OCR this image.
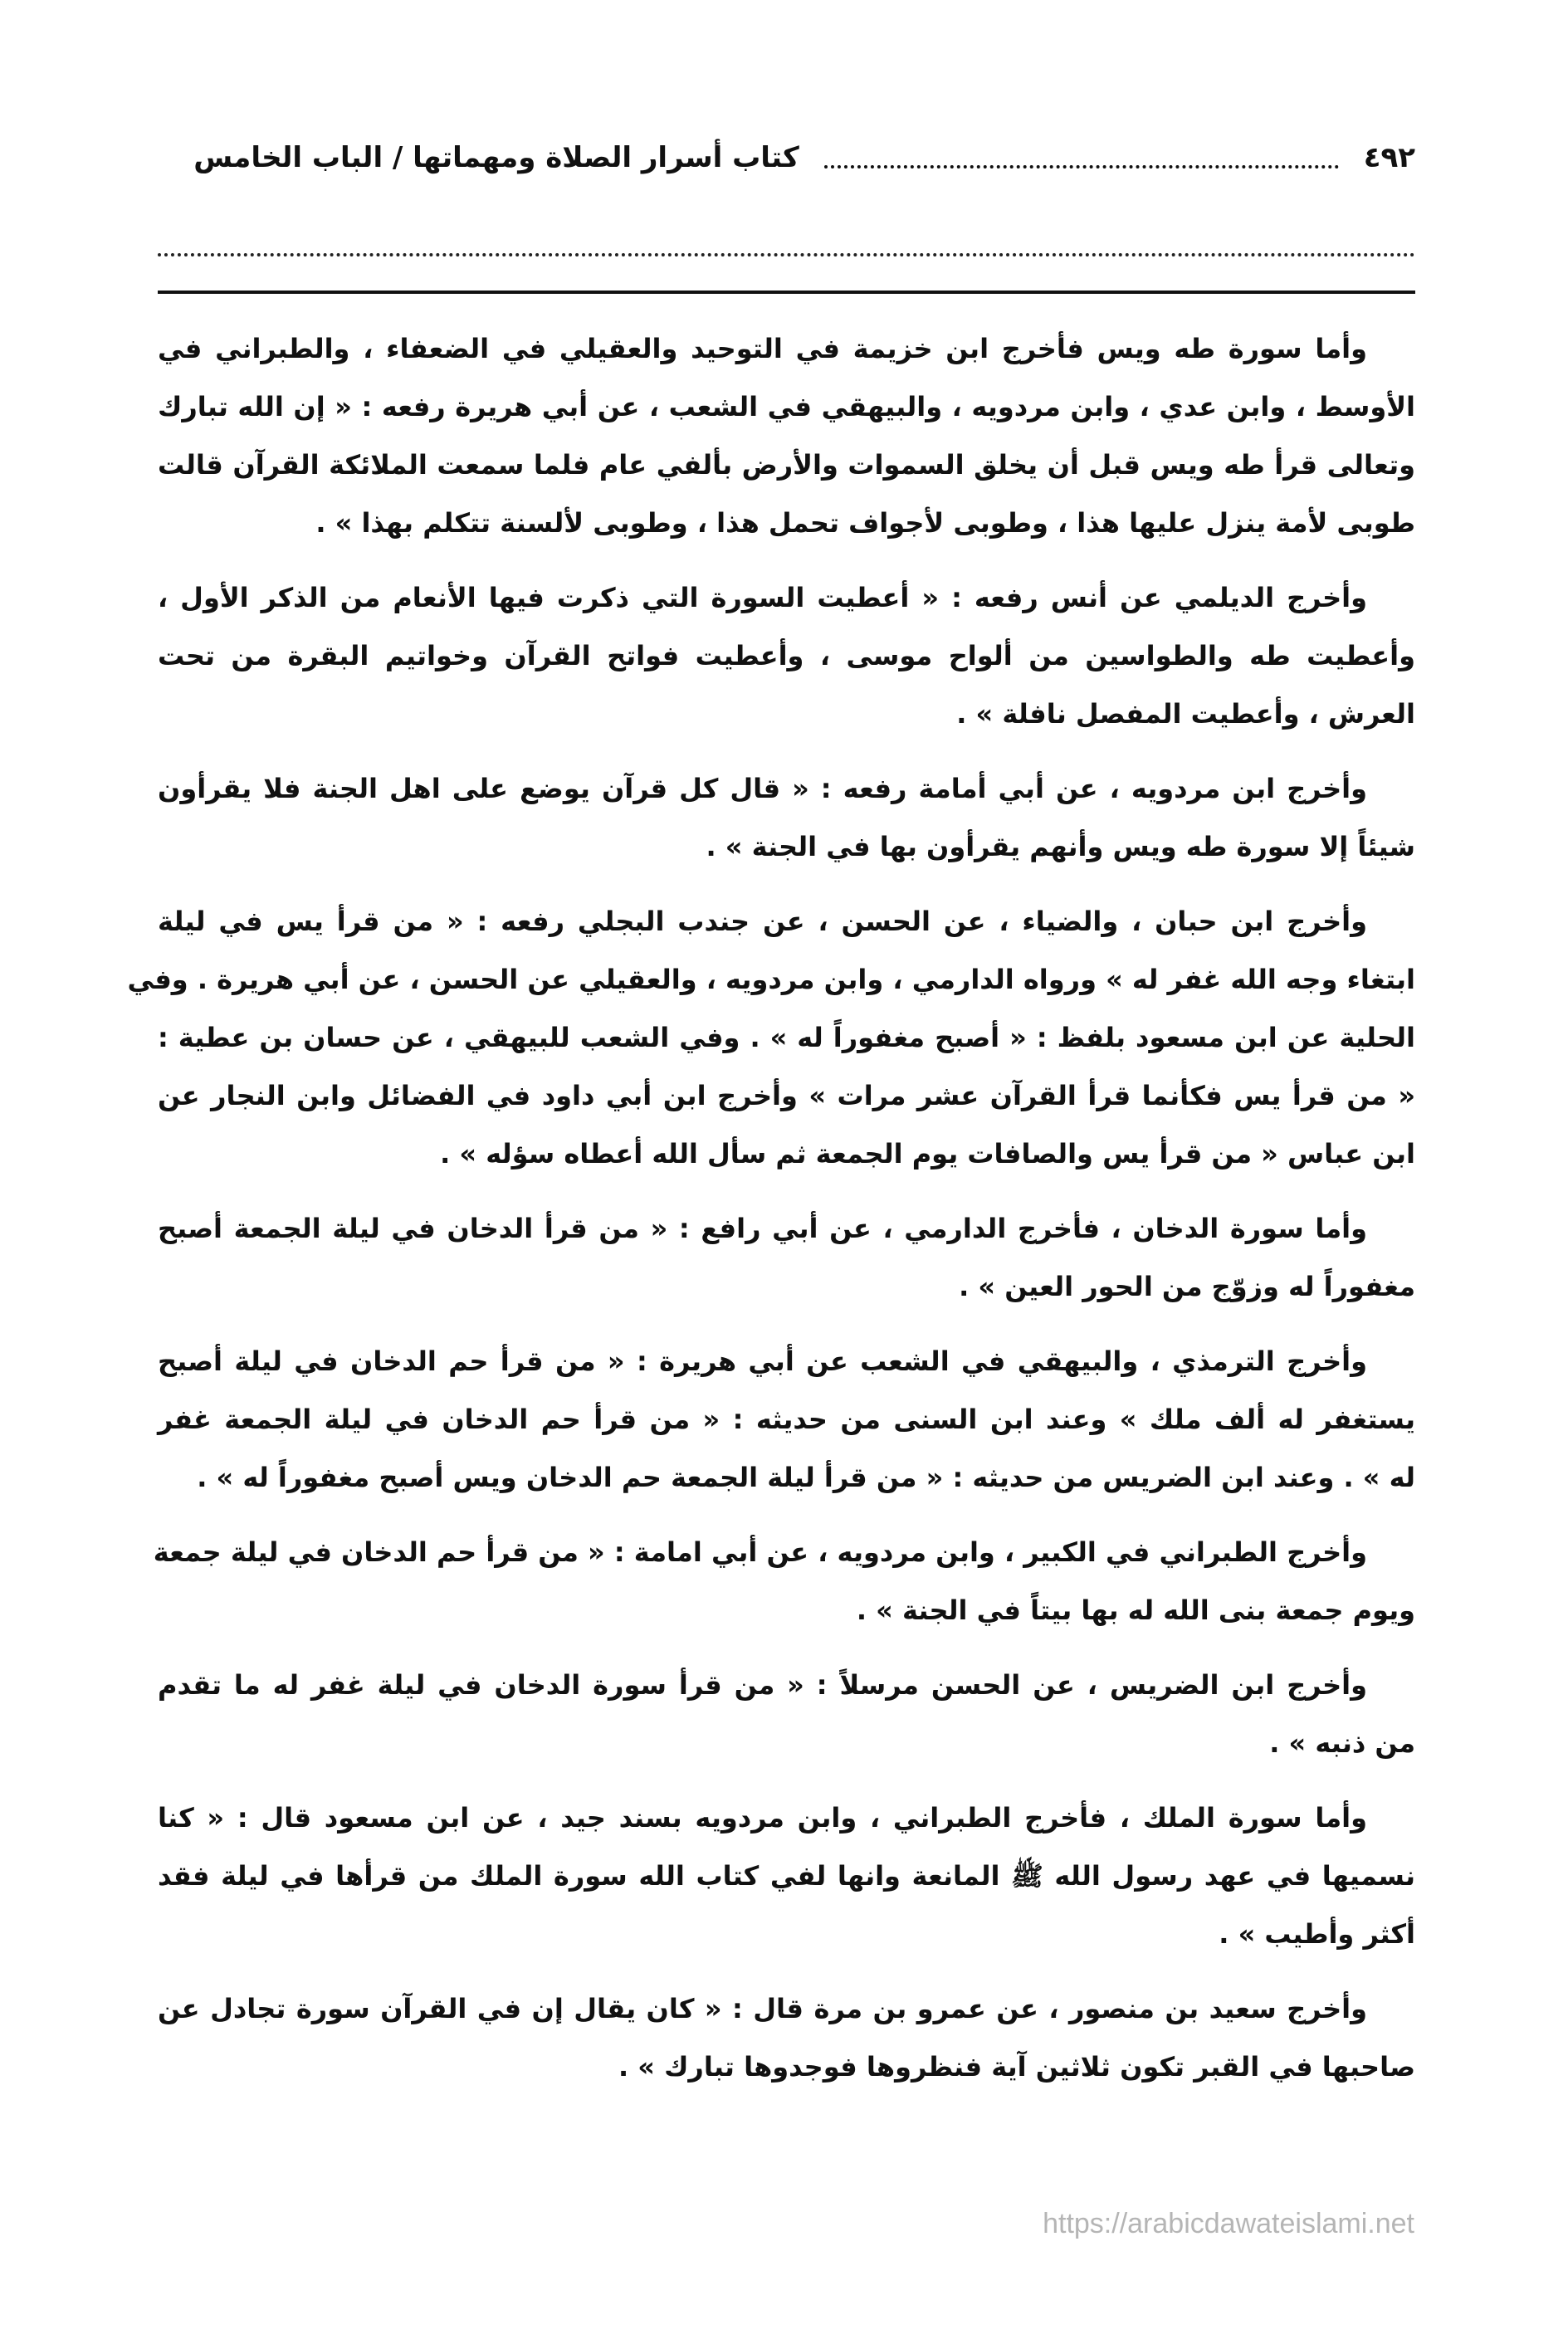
٤٩٢
كتاب أسرار الصلاة ومهماتها / الباب الخامس
وأما سورة طه ويس فأخرج ابن خزيمة في التوحيد والعقيلي في الضعفاء ، والطبراني في
الأوسط ، وابن عدي ، وابن مردويه ، والبيهقي في الشعب ، عن أبي هريرة رفعه : « إن الله تبارك
وتعالى قرأ طه ويس قبل أن يخلق السموات والأرض بألفي عام فلما سمعت الملائكة القرآن قالت
طوبى لأمة ينزل عليها هذا ، وطوبى لأجواف تحمل هذا ، وطوبى لألسنة تتكلم بهذا » .
وأخرج الديلمي عن أنس رفعه : « أعطيت السورة التي ذكرت فيها الأنعام من الذكر الأول ،
وأعطيت طه والطواسين من ألواح موسى ، وأعطيت فواتح القرآن وخواتيم البقرة من تحت
العرش ، وأعطيت المفصل نافلة » .
وأخرج ابن مردويه ، عن أبي أمامة رفعه : « قال كل قرآن يوضع على اهل الجنة فلا يقرأون
شيئاً إلا سورة طه ويس وأنهم يقرأون بها في الجنة » .
وأخرج ابن حبان ، والضياء ، عن الحسن ، عن جندب البجلي رفعه : « من قرأ يس في ليلة
ابتغاء وجه الله غفر له » ورواه الدارمي ، وابن مردويه ، والعقيلي عن الحسن ، عن أبي هريرة . وفي
الحلية عن ابن مسعود بلفظ : « أصبح مغفوراً له » . وفي الشعب للبيهقي ، عن حسان بن عطية :
« من قرأ يس فكأنما قرأ القرآن عشر مرات » وأخرج ابن أبي داود في الفضائل وابن النجار عن
ابن عباس « من قرأ يس والصافات يوم الجمعة ثم سأل الله أعطاه سؤله » .
وأما سورة الدخان ، فأخرج الدارمي ، عن أبي رافع : « من قرأ الدخان في ليلة الجمعة أصبح
مغفوراً له وزوّج من الحور العين » .
وأخرج الترمذي ، والبيهقي في الشعب عن أبي هريرة : « من قرأ حم الدخان في ليلة أصبح
يستغفر له ألف ملك » وعند ابن السنى من حديثه : « من قرأ حم الدخان في ليلة الجمعة غفر
له » . وعند ابن الضريس من حديثه : « من قرأ ليلة الجمعة حم الدخان ويس أصبح مغفوراً له » .
وأخرج الطبراني في الكبير ، وابن مردويه ، عن أبي امامة : « من قرأ حم الدخان في ليلة جمعة
ويوم جمعة بنى الله له بها بيتاً في الجنة » .
وأخرج ابن الضريس ، عن الحسن مرسلاً : « من قرأ سورة الدخان في ليلة غفر له ما تقدم
من ذنبه » .
وأما سورة الملك ، فأخرج الطبراني ، وابن مردويه بسند جيد ، عن ابن مسعود قال : « كنا
نسميها في عهد رسول الله ﷺ المانعة وانها لفي كتاب الله سورة الملك من قرأها في ليلة فقد
أكثر وأطيب » .
وأخرج سعيد بن منصور ، عن عمرو بن مرة قال : « كان يقال إن في القرآن سورة تجادل عن
صاحبها في القبر تكون ثلاثين آية فنظروها فوجدوها تبارك » .
https://arabicdawateislami.net
